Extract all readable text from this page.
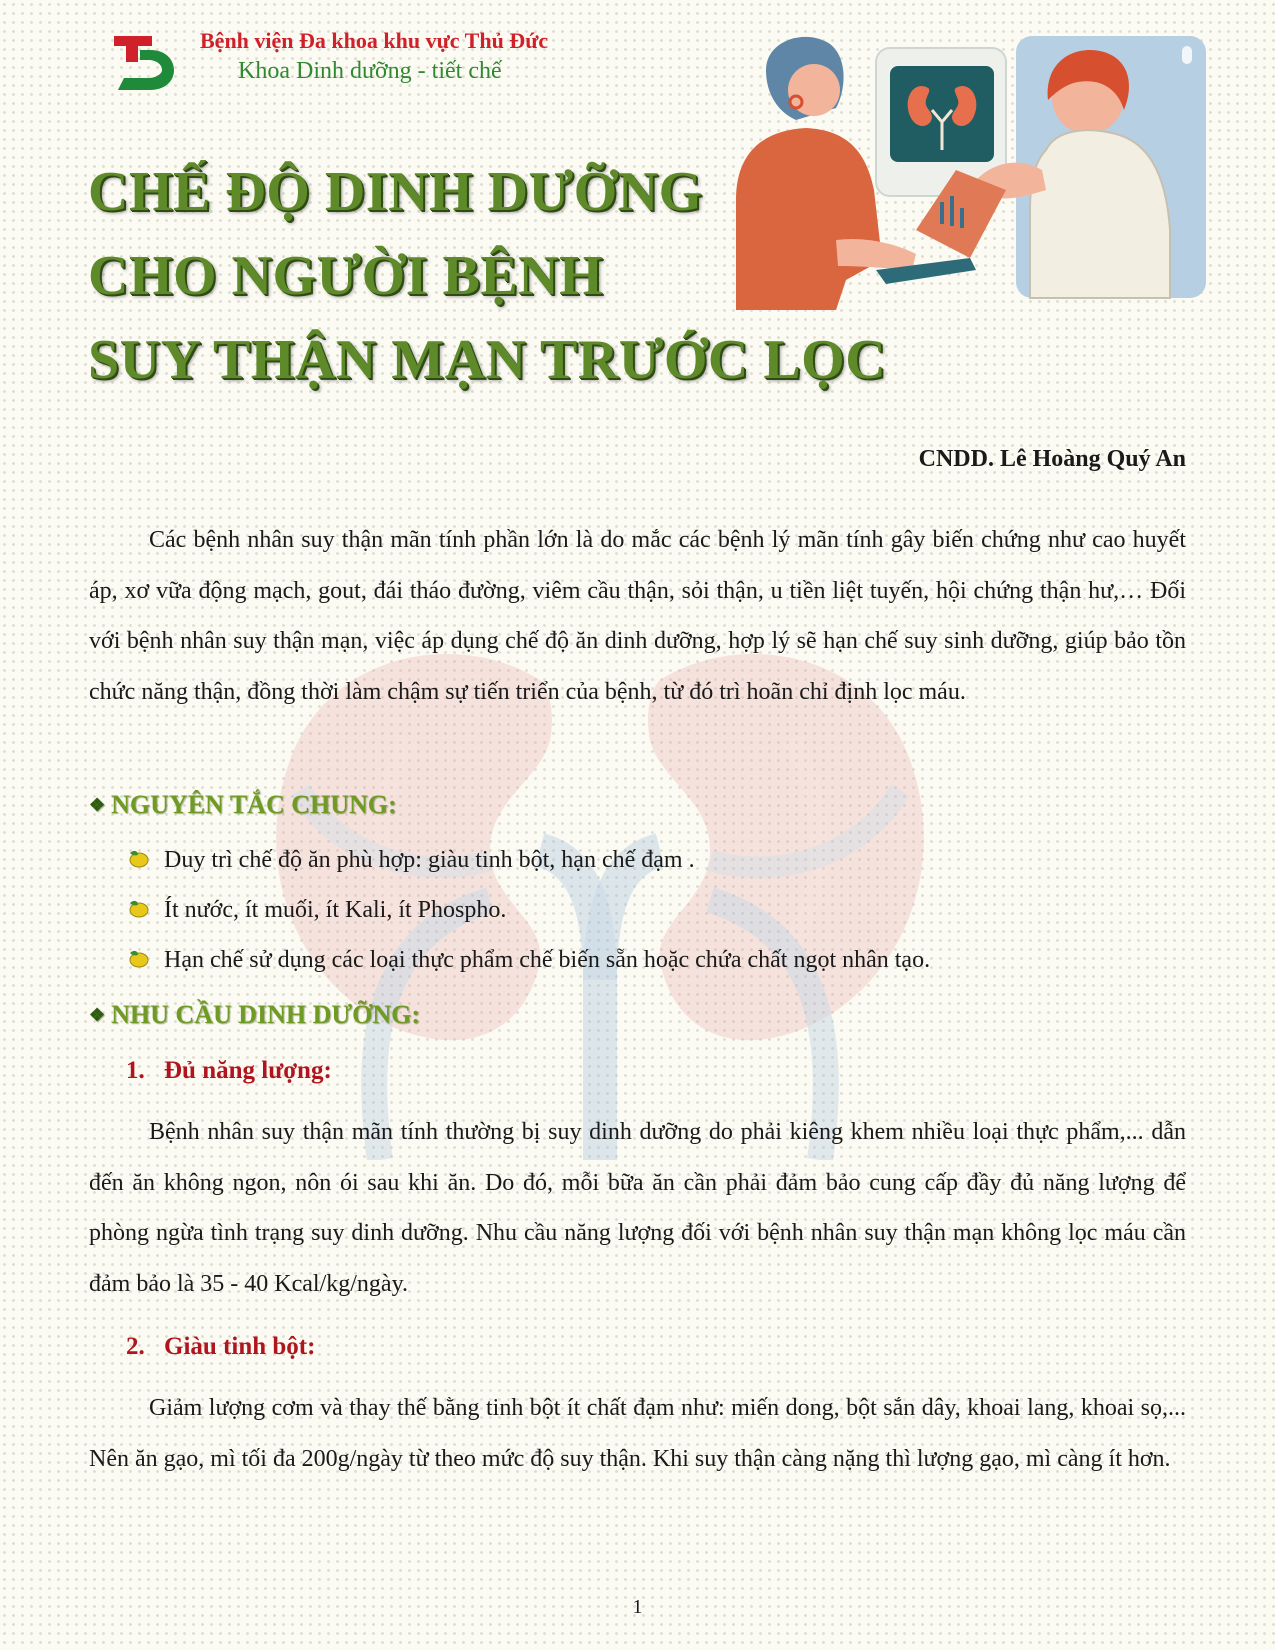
Bệnh viện Đa khoa khu vực Thủ Đức
Khoa Dinh dưỡng - tiết chế
CHẾ ĐỘ DINH DƯỠNG
CHO NGƯỜI BỆNH
SUY THẬN MẠN TRƯỚC LỌC
CNDD. Lê Hoàng Quý An

Các bệnh nhân suy thận mãn tính phần lớn là do mắc các bệnh lý mãn tính gây biến chứng như cao huyết áp, xơ vữa động mạch, gout, đái tháo đường, viêm cầu thận, sỏi thận, u tiền liệt tuyến, hội chứng thận hư,… Đối với bệnh nhân suy thận mạn, việc áp dụng chế độ ăn dinh dưỡng, hợp lý sẽ hạn chế suy sinh dưỡng, giúp bảo tồn chức năng thận, đồng thời làm chậm sự tiến triển của bệnh, từ đó trì hoãn chỉ định lọc máu.

❖ NGUYÊN TẮC CHUNG:
Duy trì chế độ ăn phù hợp: giàu tinh bột, hạn chế đạm .
Ít nước, ít muối, ít Kali, ít Phospho.
Hạn chế sử dụng các loại thực phẩm chế biến sẵn hoặc chứa chất ngọt nhân tạo.
❖ NHU CẦU DINH DƯỠNG:
1. Đủ năng lượng:

Bệnh nhân suy thận mãn tính thường bị suy dinh dưỡng do phải kiêng khem nhiều loại thực phẩm,... dẫn đến ăn không ngon, nôn ói sau khi ăn. Do đó, mỗi bữa ăn cần phải đảm bảo cung cấp đầy đủ năng lượng để phòng ngừa tình trạng suy dinh dưỡng. Nhu cầu năng lượng đối với bệnh nhân suy thận mạn không lọc máu cần đảm bảo là 35 - 40 Kcal/kg/ngày.

2. Giàu tinh bột:

Giảm lượng cơm và thay thế bằng tinh bột ít chất đạm như: miến dong, bột sắn dây, khoai lang, khoai sọ,... Nên ăn gạo, mì tối đa 200g/ngày từ theo mức độ suy thận. Khi suy thận càng nặng thì lượng gạo, mì càng ít hơn.

1
